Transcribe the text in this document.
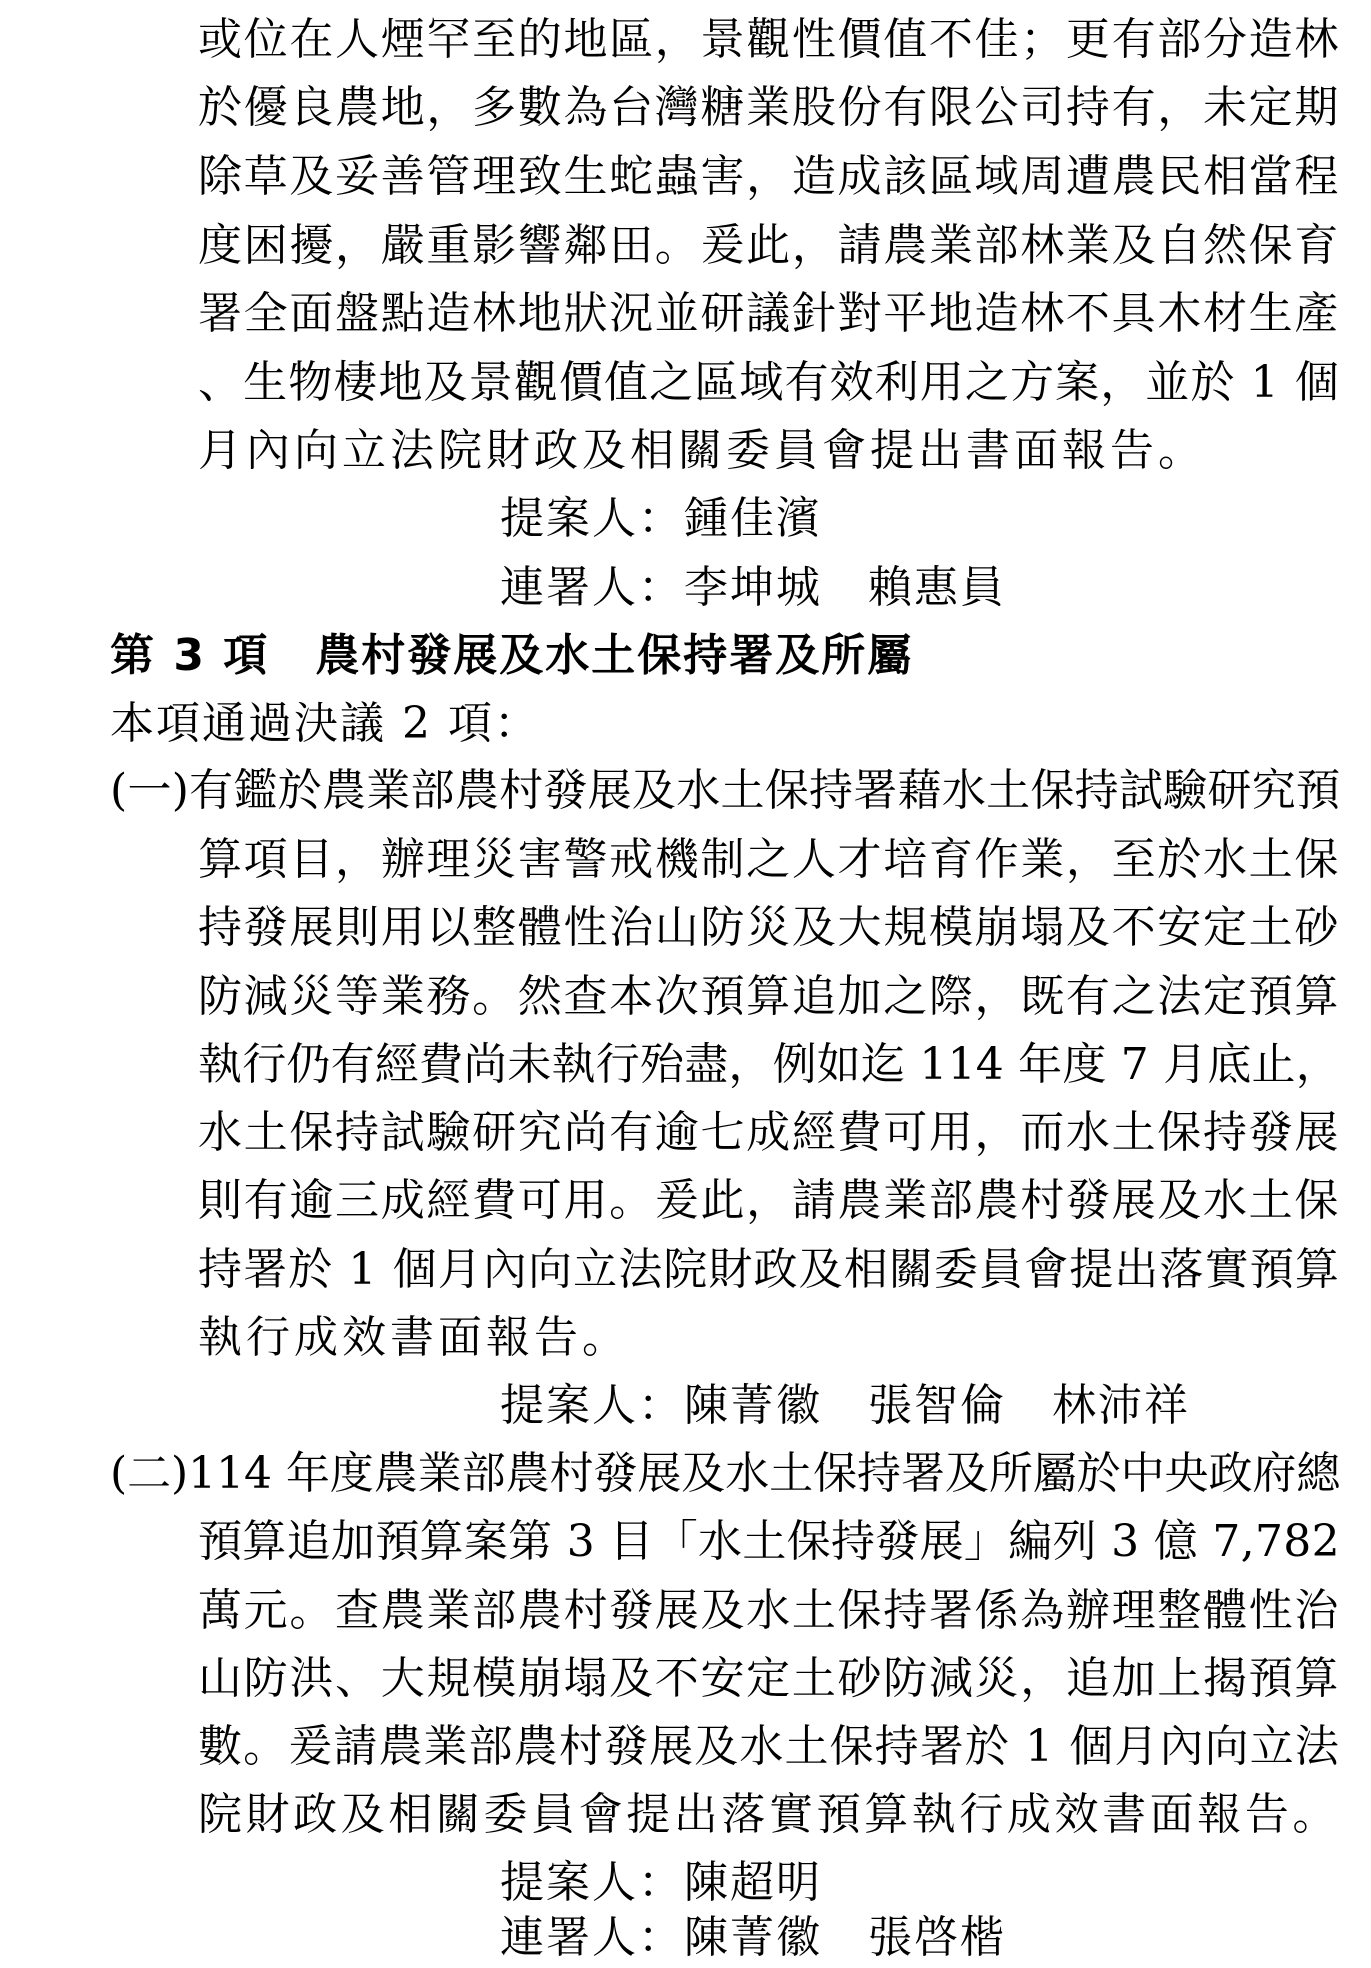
或位在人煙罕至的地區，景觀性價值不佳；更有部分造林
於優良農地，多數為台灣糖業股份有限公司持有，未定期
除草及妥善管理致生蛇蟲害，造成該區域周遭農民相當程
度困擾，嚴重影響鄰田。爰此，請農業部林業及自然保育
署全面盤點造林地狀況並研議針對平地造林不具木材生產
、生物棲地及景觀價值之區域有效利用之方案，並於 1 個
月內向立法院財政及相關委員會提出書面報告。
提案人：鍾佳濱
連署人：李坤城　賴惠員
第 3 項　農村發展及水土保持署及所屬
本項通過決議 2 項：
(一)有鑑於農業部農村發展及水土保持署藉水土保持試驗研究預
算項目，辦理災害警戒機制之人才培育作業，至於水土保
持發展則用以整體性治山防災及大規模崩塌及不安定土砂
防減災等業務。然查本次預算追加之際，既有之法定預算
執行仍有經費尚未執行殆盡，例如迄 114 年度 7 月底止，
水土保持試驗研究尚有逾七成經費可用，而水土保持發展
則有逾三成經費可用。爰此，請農業部農村發展及水土保
持署於 1 個月內向立法院財政及相關委員會提出落實預算
執行成效書面報告。
提案人：陳菁徽　張智倫　林沛祥
(二)114 年度農業部農村發展及水土保持署及所屬於中央政府總
預算追加預算案第 3 目「水土保持發展」編列 3 億 7,782
萬元。查農業部農村發展及水土保持署係為辦理整體性治
山防洪、大規模崩塌及不安定土砂防減災，追加上揭預算
數。爰請農業部農村發展及水土保持署於 1 個月內向立法
院財政及相關委員會提出落實預算執行成效書面報告。
提案人：陳超明
連署人：陳菁徽　張啓楷
